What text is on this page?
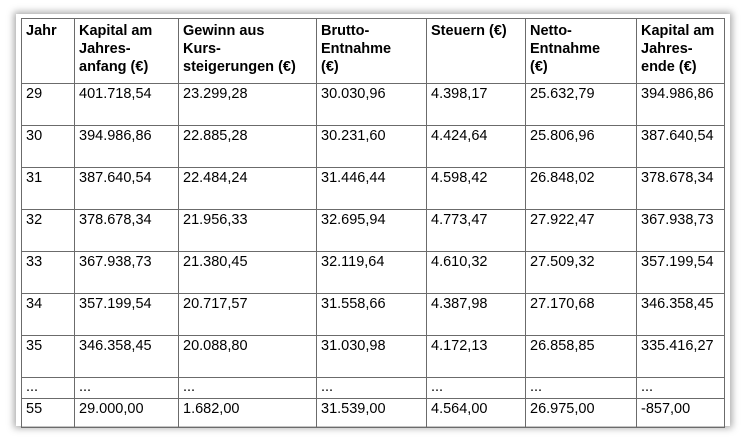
Jahr	Kapital am
Jahres-
anfang (€)	Gewinn aus
Kurs-
steigerungen (€)	Brutto-
Entnahme
(€)	Steuern (€)	Netto-
Entnahme
(€)	Kapital am
Jahres-
ende (€)

29	401.718,54	23.299,28	30.030,96	4.398,17	25.632,79	394.986,86
30	394.986,86	22.885,28	30.231,60	4.424,64	25.806,96	387.640,54
31	387.640,54	22.484,24	31.446,44	4.598,42	26.848,02	378.678,34
32	378.678,34	21.956,33	32.695,94	4.773,47	27.922,47	367.938,73
33	367.938,73	21.380,45	32.119,64	4.610,32	27.509,32	357.199,54
34	357.199,54	20.717,57	31.558,66	4.387,98	27.170,68	346.358,45
35	346.358,45	20.088,80	31.030,98	4.172,13	26.858,85	335.416,27
...	...	...	...	...	...	...
55	29.000,00	1.682,00	31.539,00	4.564,00	26.975,00	-857,00
